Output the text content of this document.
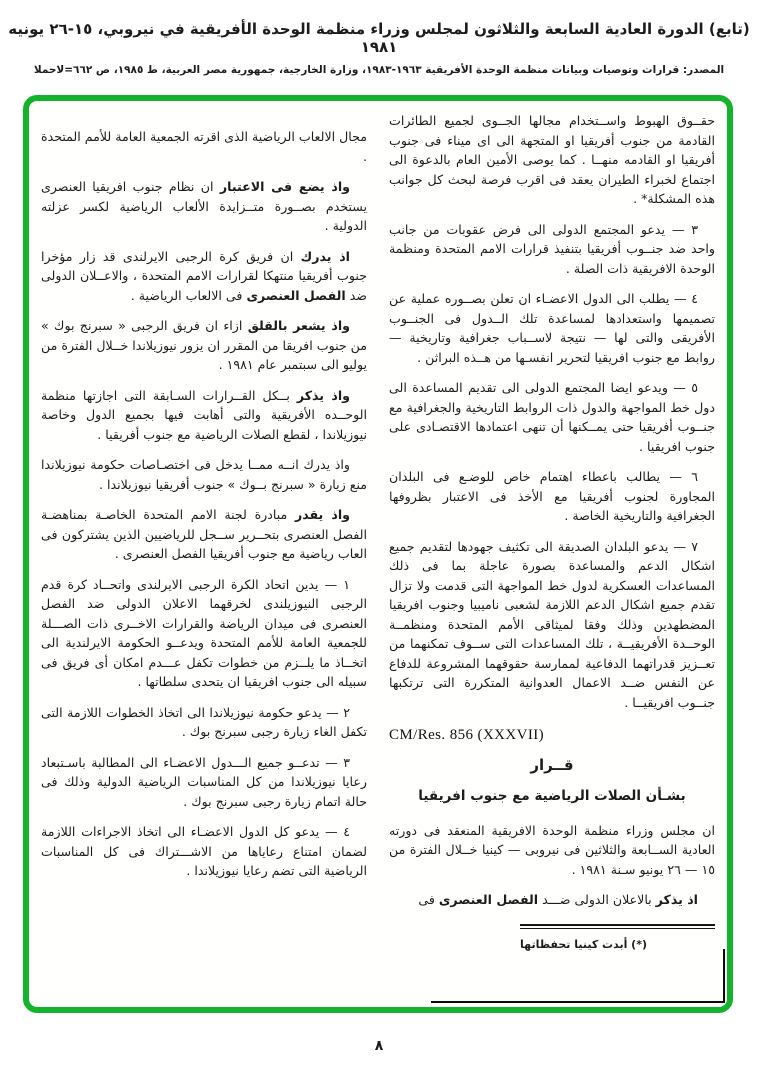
(تابع) الدورة العادية السابعة والثلاثون لمجلس وزراء منظمة الوحدة الأفريقية في نيروبي، ١٥-٢٦ يونيه ١٩٨١
المصدر: قرارات وتوصيات وبيانات منظمة الوحدة الأفريقية ١٩٦٣-١٩٨٣، وزارة الخارجية، جمهورية مصر العربية، ط ١٩٨٥، ص ٦٦٢=لاحملا
حقــوق الهبوط واســتخدام مجالها الجــوى لجميع الطائرات القادمة من جنوب أفريقيا او المتجهة الى اى ميناء فى جنوب أفريقيا او القادمه منهــا . كما يوصى الأمين العام بالدعوة الى اجتماع لخبراء الطيران يعقد فى اقرب فرصة لبحث كل جوانب هذه المشكلة* .
٣ — يدعو المجتمع الدولى الى فرض عقوبات من جانب واحد ضد جنــوب أفريقيا بتنفيذ قرارات الامم المتحدة ومنظمة الوحدة الافريقية ذات الصلة .
٤ — يطلب الى الدول الاعضـاء ان تعلن بصــوره عملية عن تصميمها واستعدادها لمساعدة تلك الــدول فى الجنــوب الأفريقى والتى لها — نتيجة لاســباب جغرافية وتاريخية — روابط مع جنوب افريقيا لتحرير انفسـها من هــذه البراثن .
٥ — ويدعو ايضا المجتمع الدولى الى تقديم المساعدة الى دول خط المواجهة والدول ذات الروابط التاريخية والجغرافية مع جنــوب أفريقيا حتى يمــكنها أن تنهى اعتمادها الاقتصـادى على جنوب افريقيا .
٦ — يطالب باعطاء اهتمام خاص للوضـع فى البلدان المجاورة لجنوب أفريقيا مع الأخذ فى الاعتبار بظروفها الجغرافية والتاريخية الخاصة .
٧ — يدعو البلدان الصديقة الى تكثيف جهودها لتقديم جميع اشكال الدعم والمساعدة بصورة عاجلة بما فى ذلك المساعدات العسكرية لدول خط المواجهة التى قدمت ولا تزال تقدم جميع اشكال الدعم اللازمة لشعبى ناميبيا وجنوب افريقيا المضطهدين وذلك وفقا لميثاقى الأمم المتحدة ومنظمــة الوحــدة الأفريقيــة ، تلك المساعدات التى ســوف تمكنهما من تعــزيز قدراتهما الدفاعية لممارسة حقوقهما المشروعة للدفاع عن النفس ضــد الاعمال العدوانية المتكررة التى ترتكبها جنــوب افريقيــا .
CM/Res. 856 (XXXVII)
قــرار
بشـأن الصلات الرياضية مع جنوب افريقيا
ان مجلس وزراء منظمة الوحدة الافريقية المنعقد فى دورته العادية الســابعة والثلاثين فى نيروبى — كينيا خــلال الفترة من ١٥ — ٢٦ يونيو سـنة ١٩٨١ .
اذ يذكر بالاعلان الدولى ضـــد الفصل العنصرى فى
(*) أبدت كينيا تحفظاتها
مجال الالعاب الرياضية الذى اقرته الجمعية العامة للأمم المتحدة .
واذ يضع فى الاعتبار ان نظام جنوب افريقيا العنصرى يستخدم بصــورة متــزايدة الألعاب الرياضية لكسر عزلته الدولية .
اذ يدرك ان فريق كرة الرجبى الايرلندى قد زار مؤخرا جنوب أفريقيا منتهكا لقرارات الامم المتحدة ، والاعــلان الدولى ضد الفصل العنصرى فى الالعاب الرياضية .
واذ يشعر بالقلق ازاء ان فريق الرجبى « سبرنج بوك » من جنوب افريقا من المقرر ان يزور نيوزيلاندا خــلال الفترة من يوليو الى سبتمبر عام ١٩٨١ .
واذ يذكر بــكل القــرارات السـابقة التى اجازتها منظمة الوحــده الأفريقية والتى أهابت فيها بجميع الدول وخاصة نيوزيلاندا ، لقطع الصلات الرياضية مع جنوب أفريقيا .
واذ يدرك انــه ممــا يدخل فى اختصـاصات حكومة نيوزيلاندا منع زيارة « سبرنج بــوك » جنوب أفريقيا نيوزيلاندا .
واذ يقدر مبادرة لجنة الامم المتحدة الخاصـة بمناهضـة الفصل العنصرى بتحــرير ســجل للرياضيين الذين يشتركون فى العاب رياضية مع جنوب أفريقيا الفصل العنصرى .
١ — يدين اتحاد الكرة الرجبى الايرلندى واتحــاد كرة قدم الرجبى النيوزيلندى لخرقهما الاعلان الدولى ضد الفصل العنصرى فى ميدان الرياضة والقرارات الاخــرى ذات الصـــلة للجمعية العامة للأمم المتحدة ويدعــو الحكومة الايرلندية الى اتخــاذ ما يلــزم من خطوات تكفل عـــدم امكان أى فريق فى سبيله الى جنوب افريقيا ان يتحدى سلطاتها .
٢ — يدعو حكومة نيوزيلاندا الى اتخاذ الخطوات اللازمة التى تكفل الغاء زيارة رجبى سبرنج بوك .
٣ — تدعــو جميع الـــدول الاعضـاء الى المطالبة باسـتبعاد رعايا نيوزيلاندا من كل المناسبات الرياضية الدولية وذلك فى حالة اتمام زيارة رجبى سبرنج بوك .
٤ — يدعو كل الدول الاعضـاء الى اتخاذ الاجراءات اللازمة لضمان امتناع رعاياها من الاشـــتراك فى كل المناسبات الرياضية التى تضم رعايا نيوزيلاندا .
٨
